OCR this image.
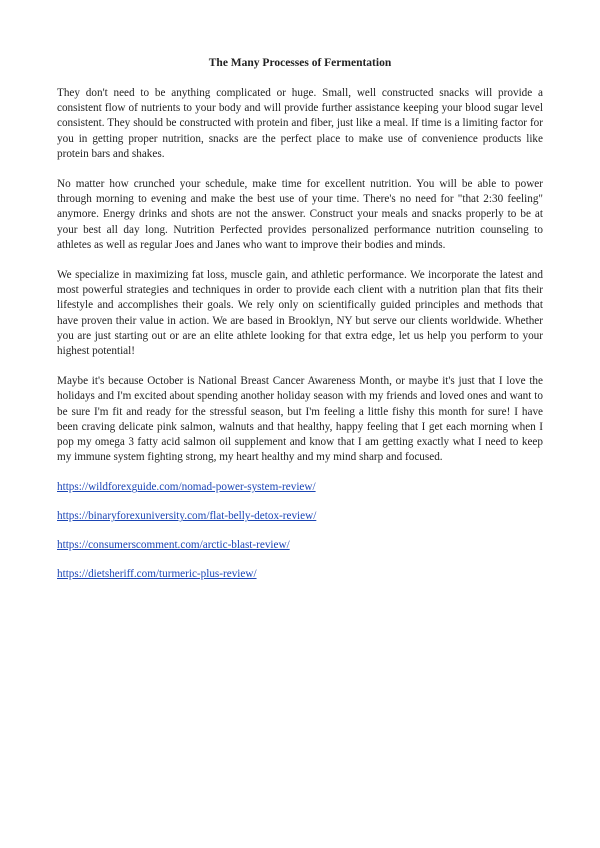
The Many Processes of Fermentation

They don't need to be anything complicated or huge. Small, well constructed snacks will provide a consistent flow of nutrients to your body and will provide further assistance keeping your blood sugar level consistent. They should be constructed with protein and fiber, just like a meal. If time is a limiting factor for you in getting proper nutrition, snacks are the perfect place to make use of convenience products like protein bars and shakes.

No matter how crunched your schedule, make time for excellent nutrition. You will be able to power through morning to evening and make the best use of your time. There's no need for "that 2:30 feeling" anymore. Energy drinks and shots are not the answer. Construct your meals and snacks properly to be at your best all day long. Nutrition Perfected provides personalized performance nutrition counseling to athletes as well as regular Joes and Janes who want to improve their bodies and minds.

We specialize in maximizing fat loss, muscle gain, and athletic performance. We incorporate the latest and most powerful strategies and techniques in order to provide each client with a nutrition plan that fits their lifestyle and accomplishes their goals. We rely only on scientifically guided principles and methods that have proven their value in action. We are based in Brooklyn, NY but serve our clients worldwide. Whether you are just starting out or are an elite athlete looking for that extra edge, let us help you perform to your highest potential!

Maybe it's because October is National Breast Cancer Awareness Month, or maybe it's just that I love the holidays and I'm excited about spending another holiday season with my friends and loved ones and want to be sure I'm fit and ready for the stressful season, but I'm feeling a little fishy this month for sure! I have been craving delicate pink salmon, walnuts and that healthy, happy feeling that I get each morning when I pop my omega 3 fatty acid salmon oil supplement and know that I am getting exactly what I need to keep my immune system fighting strong, my heart healthy and my mind sharp and focused.

https://wildforexguide.com/nomad-power-system-review/
https://binaryforexuniversity.com/flat-belly-detox-review/
https://consumerscomment.com/arctic-blast-review/
https://dietsheriff.com/turmeric-plus-review/
